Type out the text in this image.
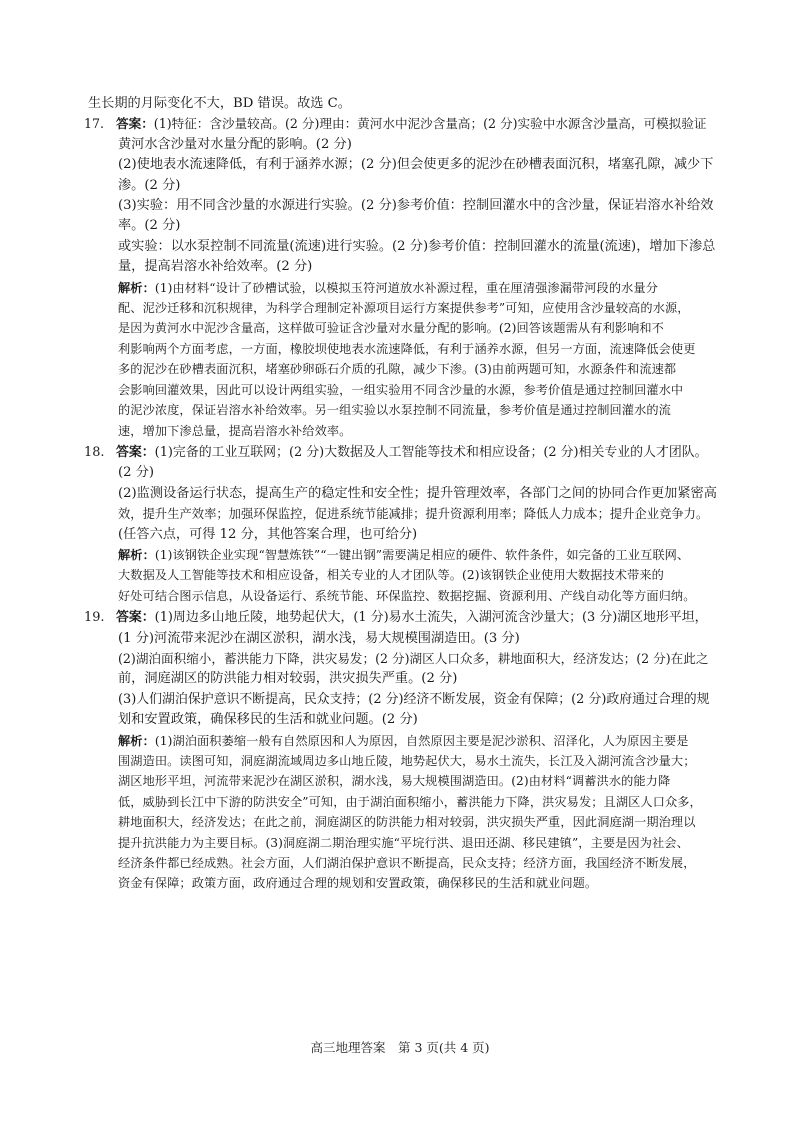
生长期的月际变化不大，BD 错误。故选 C。
17. 答案：(1)特征：含沙量较高。(2 分)理由：黄河水中泥沙含量高；(2 分)实验中水源含沙量高，可模拟验证
黄河水含沙量对水量分配的影响。(2 分)
(2)使地表水流速降低，有利于涵养水源；(2 分)但会使更多的泥沙在砂槽表面沉积，堵塞孔隙，减少下
渗。(2 分)
(3)实验：用不同含沙量的水源进行实验。(2 分)参考价值：控制回灌水中的含沙量，保证岩溶水补给效
率。(2 分)
或实验：以水泵控制不同流量(流速)进行实验。(2 分)参考价值：控制回灌水的流量(流速)，增加下渗总
量，提高岩溶水补给效率。(2 分)
解析：(1)由材料“设计了砂槽试验，以模拟玉符河道放水补源过程，重在厘清强渗漏带河段的水量分
配、泥沙迁移和沉积规律，为科学合理制定补源项目运行方案提供参考”可知，应使用含沙量较高的水源，
是因为黄河水中泥沙含量高，这样做可验证含沙量对水量分配的影响。(2)回答该题需从有利影响和不
利影响两个方面考虑，一方面，橡胶坝使地表水流速降低，有利于涵养水源，但另一方面，流速降低会使更
多的泥沙在砂槽表面沉积，堵塞砂卵砾石介质的孔隙，减少下渗。(3)由前两题可知，水源条件和流速都
会影响回灌效果，因此可以设计两组实验，一组实验用不同含沙量的水源，参考价值是通过控制回灌水中
的泥沙浓度，保证岩溶水补给效率。另一组实验以水泵控制不同流量，参考价值是通过控制回灌水的流
速，增加下渗总量，提高岩溶水补给效率。
18. 答案：(1)完备的工业互联网；(2 分)大数据及人工智能等技术和相应设备；(2 分)相关专业的人才团队。
(2 分)
(2)监测设备运行状态，提高生产的稳定性和安全性；提升管理效率，各部门之间的协同合作更加紧密高
效，提升生产效率；加强环保监控，促进系统节能减排；提升资源利用率；降低人力成本；提升企业竞争力。
(任答六点，可得 12 分，其他答案合理，也可给分)
解析：(1)该钢铁企业实现“智慧炼铁”“一键出钢”需要满足相应的硬件、软件条件，如完备的工业互联网、
大数据及人工智能等技术和相应设备，相关专业的人才团队等。(2)该钢铁企业使用大数据技术带来的
好处可结合图示信息，从设备运行、系统节能、环保监控、数据挖掘、资源利用、产线自动化等方面归纳。
19. 答案：(1)周边多山地丘陵，地势起伏大，(1 分)易水土流失，入湖河流含沙量大；(3 分)湖区地形平坦，
(1 分)河流带来泥沙在湖区淤积，湖水浅，易大规模围湖造田。(3 分)
(2)湖泊面积缩小，蓄洪能力下降，洪灾易发；(2 分)湖区人口众多，耕地面积大，经济发达；(2 分)在此之
前，洞庭湖区的防洪能力相对较弱，洪灾损失严重。(2 分)
(3)人们湖泊保护意识不断提高，民众支持；(2 分)经济不断发展，资金有保障；(2 分)政府通过合理的规
划和安置政策，确保移民的生活和就业问题。(2 分)
解析：(1)湖泊面积萎缩一般有自然原因和人为原因，自然原因主要是泥沙淤积、沼泽化，人为原因主要是
围湖造田。读图可知，洞庭湖流域周边多山地丘陵，地势起伏大，易水土流失，长江及入湖河流含沙量大；
湖区地形平坦，河流带来泥沙在湖区淤积，湖水浅，易大规模围湖造田。(2)由材料“调蓄洪水的能力降
低，威胁到长江中下游的防洪安全”可知，由于湖泊面积缩小，蓄洪能力下降，洪灾易发；且湖区人口众多，
耕地面积大，经济发达；在此之前，洞庭湖区的防洪能力相对较弱，洪灾损失严重，因此洞庭湖一期治理以
提升抗洪能力为主要目标。(3)洞庭湖二期治理实施“平垸行洪、退田还湖、移民建镇”，主要是因为社会、
经济条件都已经成熟。社会方面，人们湖泊保护意识不断提高，民众支持；经济方面，我国经济不断发展，
资金有保障；政策方面，政府通过合理的规划和安置政策，确保移民的生活和就业问题。
高三地理答案　第 3 页(共 4 页)
